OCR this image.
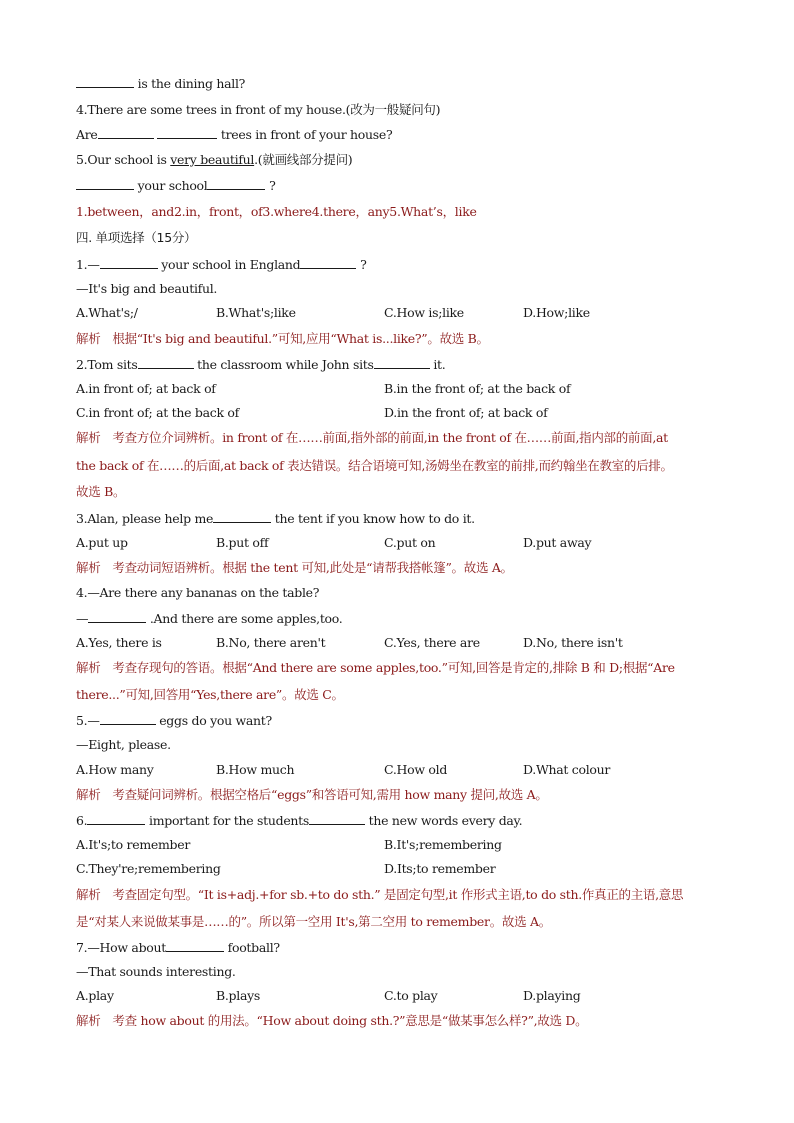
is the dining hall?
4.There are some trees in front of my house.(改为一般疑问句)
Are	trees in front of your house?
5.Our school is very beautiful.(就画线部分提问)
your school	?
1.between，and2.in，front，of3.where4.there，any5.What’s，like
四. 单项选择（15分）
1.—	your school in England	?
—It's big and beautiful.
A.What's;/	B.What's;like	C.How is;like	D.How;like
解析 根据“It's big and beautiful.”可知,应用“What is...like?”。故选 B。
2.Tom sits	the classroom while John sits	it.
A.in front of; at back of	B.in the front of; at the back of
C.in front of; at the back of	D.in the front of; at back of
解析 考查方位介词辨析。in front of 在……前面,指外部的前面,in the front of 在……前面,指内部的前面,at
the back of 在……的后面,at back of 表达错误。结合语境可知,汤姆坐在教室的前排,而约翰坐在教室的后排。
故选 B。
3.Alan, please help me	the tent if you know how to do it.
A.put up	B.put off	C.put on	D.put away
解析 考查动词短语辨析。根据 the tent 可知,此处是“请帮我搭帐篷”。故选 A。
4.—Are there any bananas on the table?
—	.And there are some apples,too.
A.Yes, there is	B.No, there aren't	C.Yes, there are	D.No, there isn't
解析 考查存现句的答语。根据“And there are some apples,too.”可知,回答是肯定的,排除 B 和 D;根据“Are
there...”可知,回答用“Yes,there are”。故选 C。
5.—	eggs do you want?
—Eight, please.
A.How many	B.How much	C.How old	D.What colour
解析 考查疑问词辨析。根据空格后“eggs”和答语可知,需用 how many 提问,故选 A。
6.	important for the students	the new words every day.
A.It's;to remember	B.It's;remembering
C.They're;remembering	D.Its;to remember
解析 考查固定句型。“It is+adj.+for sb.+to do sth.” 是固定句型,it 作形式主语,to do sth.作真正的主语,意思
是“对某人来说做某事是……的”。所以第一空用 It's,第二空用 to remember。故选 A。
7.—How about	football?
—That sounds interesting.
A.play	B.plays	C.to play	D.playing
解析 考查 how about 的用法。“How about doing sth.?”意思是“做某事怎么样?”,故选 D。
